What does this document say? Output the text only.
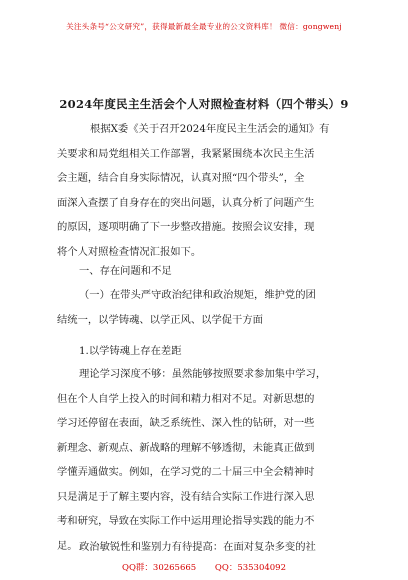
关注头条号“公文研究”，获得最新最全最专业的公文资料库！ 微信：gongwenj
2024年度民主生活会个人对照检查材料（四个带头）9
根据X委《关于召开2024年度民主生活会的通知》有
关要求和局党组相关工作部署，我紧紧围绕本次民主生活
会主题，结合自身实际情况，认真对照“四个带头”，全
面深入查摆了自身存在的突出问题，认真分析了问题产生
的原因，逐项明确了下一步整改措施。按照会议安排，现
将个人对照检查情况汇报如下。
一、存在问题和不足
（一）在带头严守政治纪律和政治规矩，维护党的团
结统一，以学铸魂、以学正风、以学促干方面
1.以学铸魂上存在差距
理论学习深度不够：虽然能够按照要求参加集中学习，
但在个人自学上投入的时间和精力相对不足。对新思想的
学习还停留在表面，缺乏系统性、深入性的钻研，对一些
新理念、新观点、新战略的理解不够透彻，未能真正做到
学懂弄通做实。例如，在学习党的二十届三中全会精神时
只是满足于了解主要内容，没有结合实际工作进行深入思
考和研究，导致在实际工作中运用理论指导实践的能力不
足。 政治敏锐性和鉴别力有待提高：在面对复杂多变的社
QQ群：30265665 QQ：535304092
